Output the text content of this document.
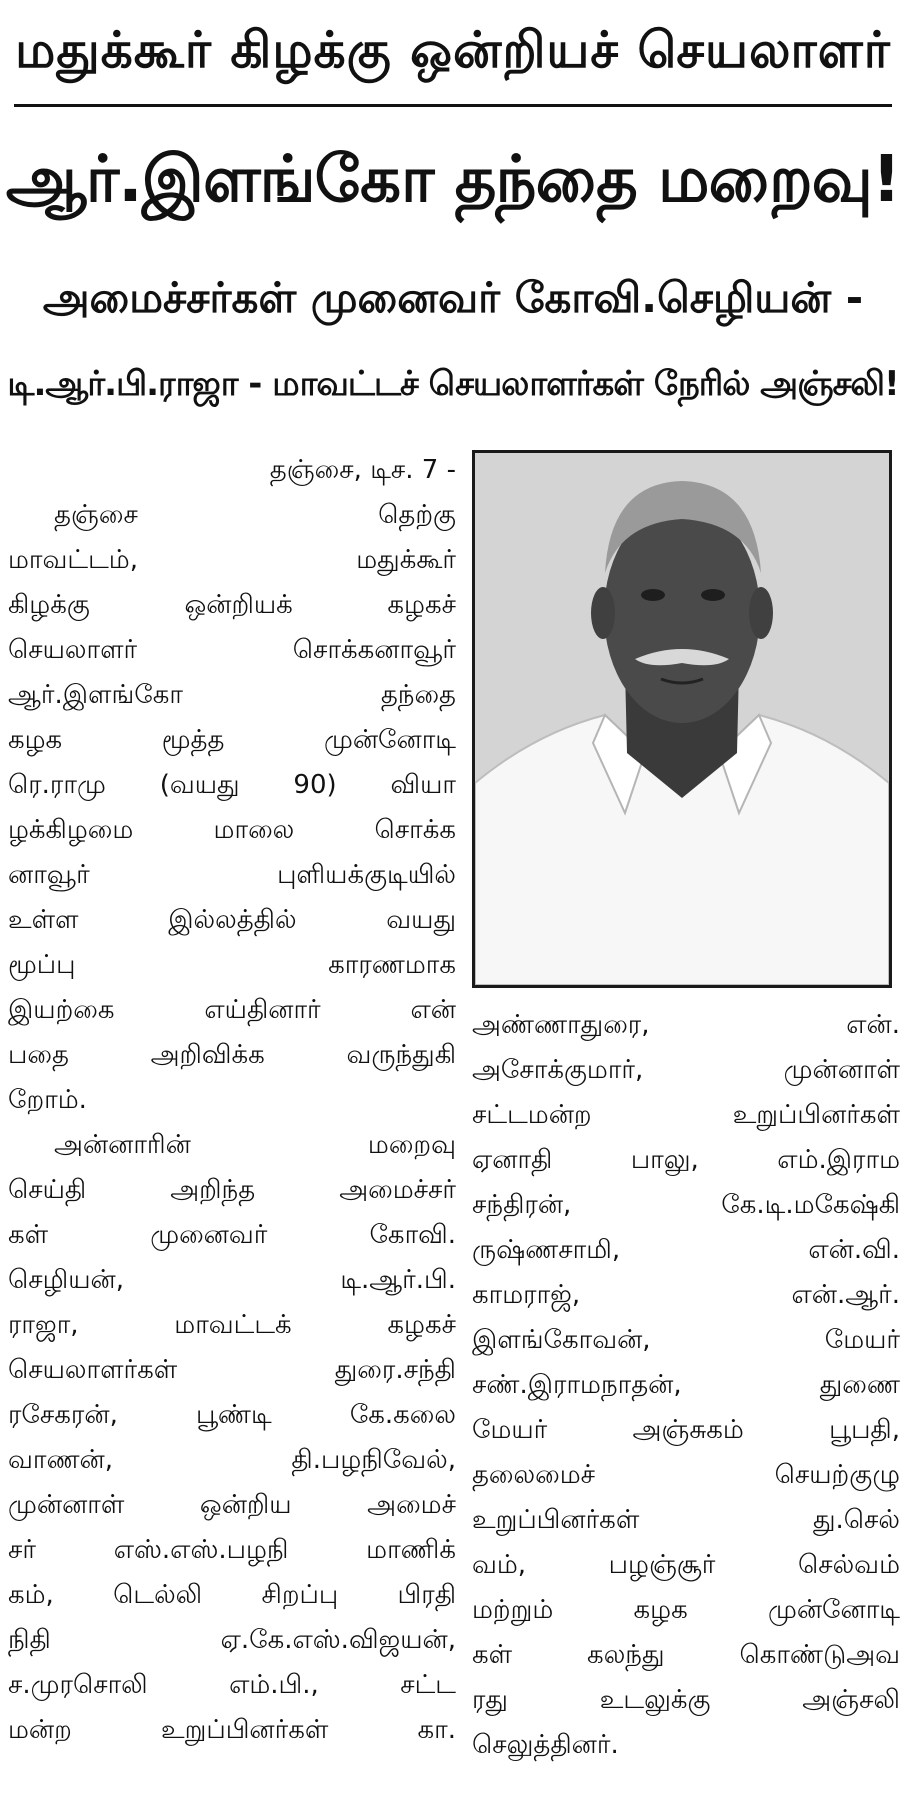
மதுக்கூர் கிழக்கு ஒன்றியச் செயலாளர்
ஆர்.இளங்கோ தந்தை மறைவு!
அமைச்சர்கள் முனைவர் கோவி.செழியன் -
டி.ஆர்.பி.ராஜா - மாவட்டச் செயலாளர்கள் நேரில் அஞ்சலி!
தஞ்சை, டிச. 7 -
தஞ்சை தெற்கு
மாவட்டம், மதுக்கூர்
கிழக்கு ஒன்றியக் கழகச்
செயலாளர் சொக்கனாவூர்
ஆர்.இளங்கோ தந்தை
கழக மூத்த முன்னோடி
ரெ.ராமு (வயது 90) வியா
ழக்கிழமை மாலை சொக்க
னாவூர் புளியக்குடியில்
உள்ள இல்லத்தில் வயது
மூப்பு காரணமாக
இயற்கை எய்தினார் என்
பதை அறிவிக்க வருந்துகி
றோம்.
அன்னாரின் மறைவு
செய்தி அறிந்த அமைச்சர்
கள் முனைவர் கோவி.
செழியன், டி.ஆர்.பி.
ராஜா, மாவட்டக் கழகச்
செயலாளர்கள் துரை.சந்தி
ரசேகரன், பூண்டி கே.கலை
வாணன், தி.பழநிவேல்,
முன்னாள் ஒன்றிய அமைச்
சர் எஸ்.எஸ்.பழநி மாணிக்
கம், டெல்லி சிறப்பு பிரதி
நிதி ஏ.கே.எஸ்.விஜயன்,
ச.முரசொலி எம்.பி., சட்ட
மன்ற உறுப்பினர்கள் கா.
அண்ணாதுரை, என்.
அசோக்குமார், முன்னாள்
சட்டமன்ற உறுப்பினர்கள்
ஏனாதி பாலு, எம்.இராம
சந்திரன், கே.டி.மகேஷ்கி
ருஷ்ணசாமி, என்.வி.
காமராஜ், என்.ஆர்.
இளங்கோவன், மேயர்
சண்.இராமநாதன், துணை
மேயர் அஞ்சுகம் பூபதி,
தலைமைச் செயற்குழு
உறுப்பினர்கள் து.செல்
வம், பழஞ்சூர் செல்வம்
மற்றும் கழக முன்னோடி
கள் கலந்து கொண்டுஅவ
ரது உடலுக்கு அஞ்சலி
செலுத்தினர்.
